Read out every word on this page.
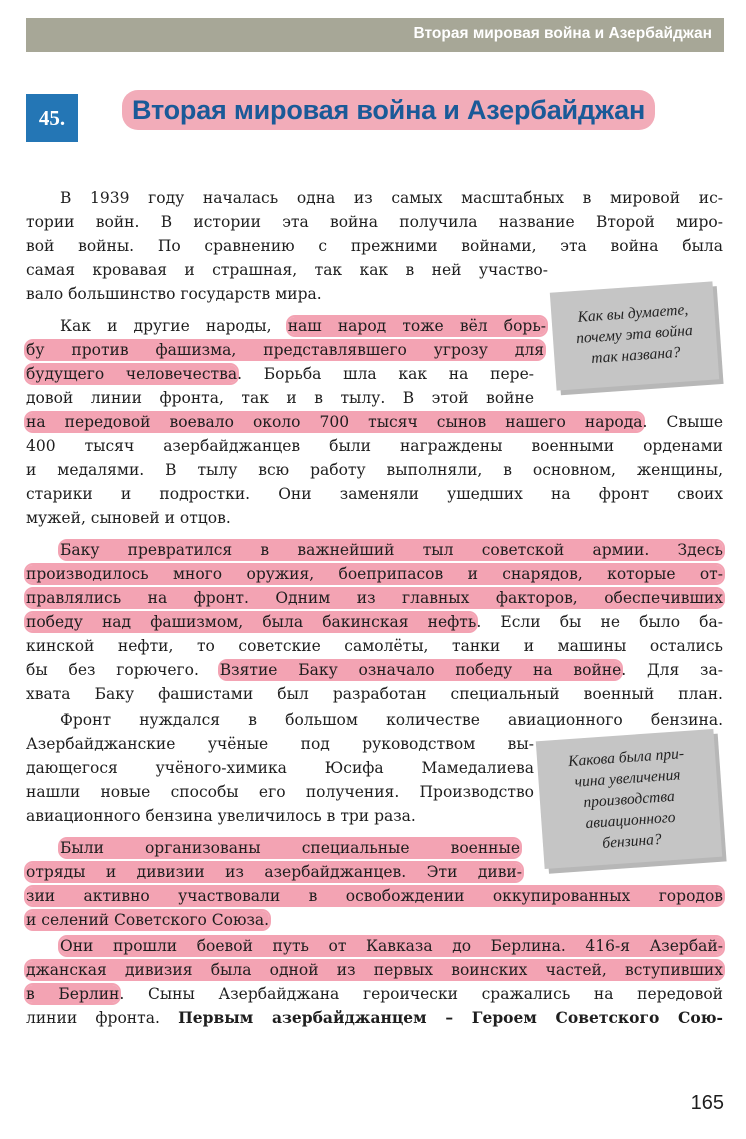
Вторая мировая война и Азербайджан
45.	Вторая мировая война и Азербайджан
В 1939 году началась одна из самых масштабных в мировой ис-
тории войн. В истории эта война получила название Второй миро-
вой войны. По сравнению с прежними войнами, эта война была
самая кровавая и страшная, так как в ней участво-
вало большинство государств мира.
Как и другие народы, наш народ тоже вёл борь-
бу против фашизма, представлявшего угрозу для
будущего человечества. Борьба шла как на пере-
довой линии фронта, так и в тылу. В этой войне
на передовой воевало около 700 тысяч сынов нашего народа. Свыше
400 тысяч азербайджанцев были награждены военными орденами
и медалями. В тылу всю работу выполняли, в основном, женщины,
старики и подростки. Они заменяли ушедших на фронт своих
мужей, сыновей и отцов.
Баку превратился в важнейший тыл советской армии. Здесь
производилось много оружия, боеприпасов и снарядов, которые от-
правлялись на фронт. Одним из главных факторов, обеспечивших
победу над фашизмом, была бакинская нефть. Если бы не было ба-
кинской нефти, то советские самолёты, танки и машины остались
бы без горючего. Взятие Баку означало победу на войне. Для за-
хвата Баку фашистами был разработан специальный военный план.
Фронт нуждался в большом количестве авиационного бензина.
Азербайджанские учёные под руководством вы-
дающегося учёного-химика Юсифа Мамедалиева
нашли новые способы его получения. Производство
авиационного бензина увеличилось в три раза.
Были организованы специальные военные
отряды и дивизии из азербайджанцев. Эти диви-
зии активно участвовали в освобождении оккупированных городов
и селений Советского Союза.
Они прошли боевой путь от Кавказа до Берлина. 416-я Азербай-
джанская дивизия была одной из первых воинских частей, вступивших
в Берлин. Сыны Азербайджана героически сражались на передовой
линии фронта. Первым азербайджанцем – Героем Советского Сою-
Как вы думаете,
почему эта война
так названа?
Какова была при-
чина увеличения
производства
авиационного
бензина?
165
